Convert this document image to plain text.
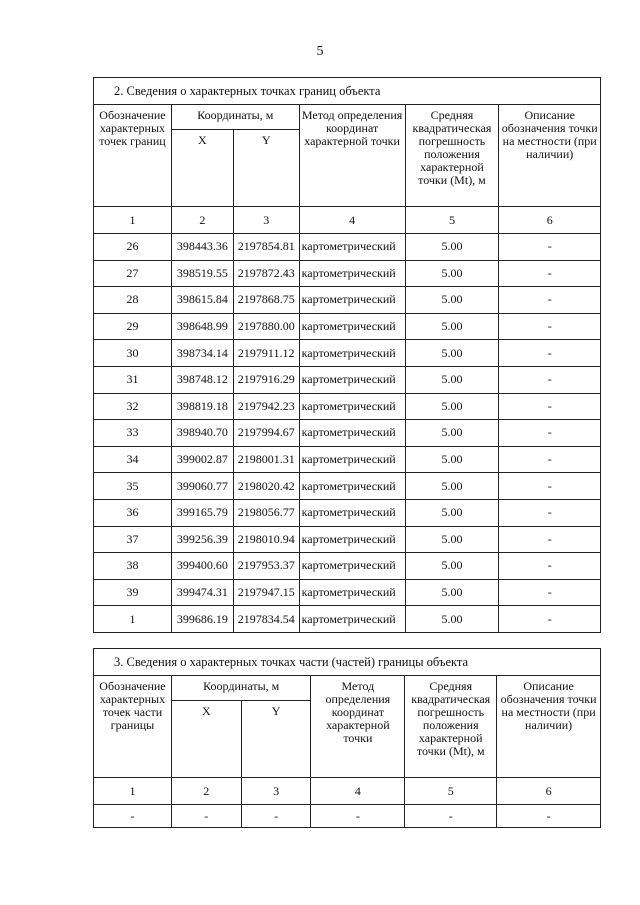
5
2. Сведения о характерных точках границ объекта					
Обозначение характерных точек границ	Координаты, м		Метод определения координат характерной точки	Средняя квадратическая погрешность положения характерной точки (Mt), м	Описание обозначения точки на местности (при наличии)
	X	Y			
1	2	3	4	5	6
26	398443.36	2197854.81	картометрический	5.00	-
27	398519.55	2197872.43	картометрический	5.00	-
28	398615.84	2197868.75	картометрический	5.00	-
29	398648.99	2197880.00	картометрический	5.00	-
30	398734.14	2197911.12	картометрический	5.00	-
31	398748.12	2197916.29	картометрический	5.00	-
32	398819.18	2197942.23	картометрический	5.00	-
33	398940.70	2197994.67	картометрический	5.00	-
34	399002.87	2198001.31	картометрический	5.00	-
35	399060.77	2198020.42	картометрический	5.00	-
36	399165.79	2198056.77	картометрический	5.00	-
37	399256.39	2198010.94	картометрический	5.00	-
38	399400.60	2197953.37	картометрический	5.00	-
39	399474.31	2197947.15	картометрический	5.00	-
1	399686.19	2197834.54	картометрический	5.00	-
3. Сведения о характерных точках части (частей) границы объекта					
Обозначение характерных точек части границы	Координаты, м		Метод определения координат характерной точки	Средняя квадратическая погрешность положения характерной точки (Mt), м	Описание обозначения точки на местности (при наличии)
	X	Y			
1	2	3	4	5	6
-	-	-	-	-	-
